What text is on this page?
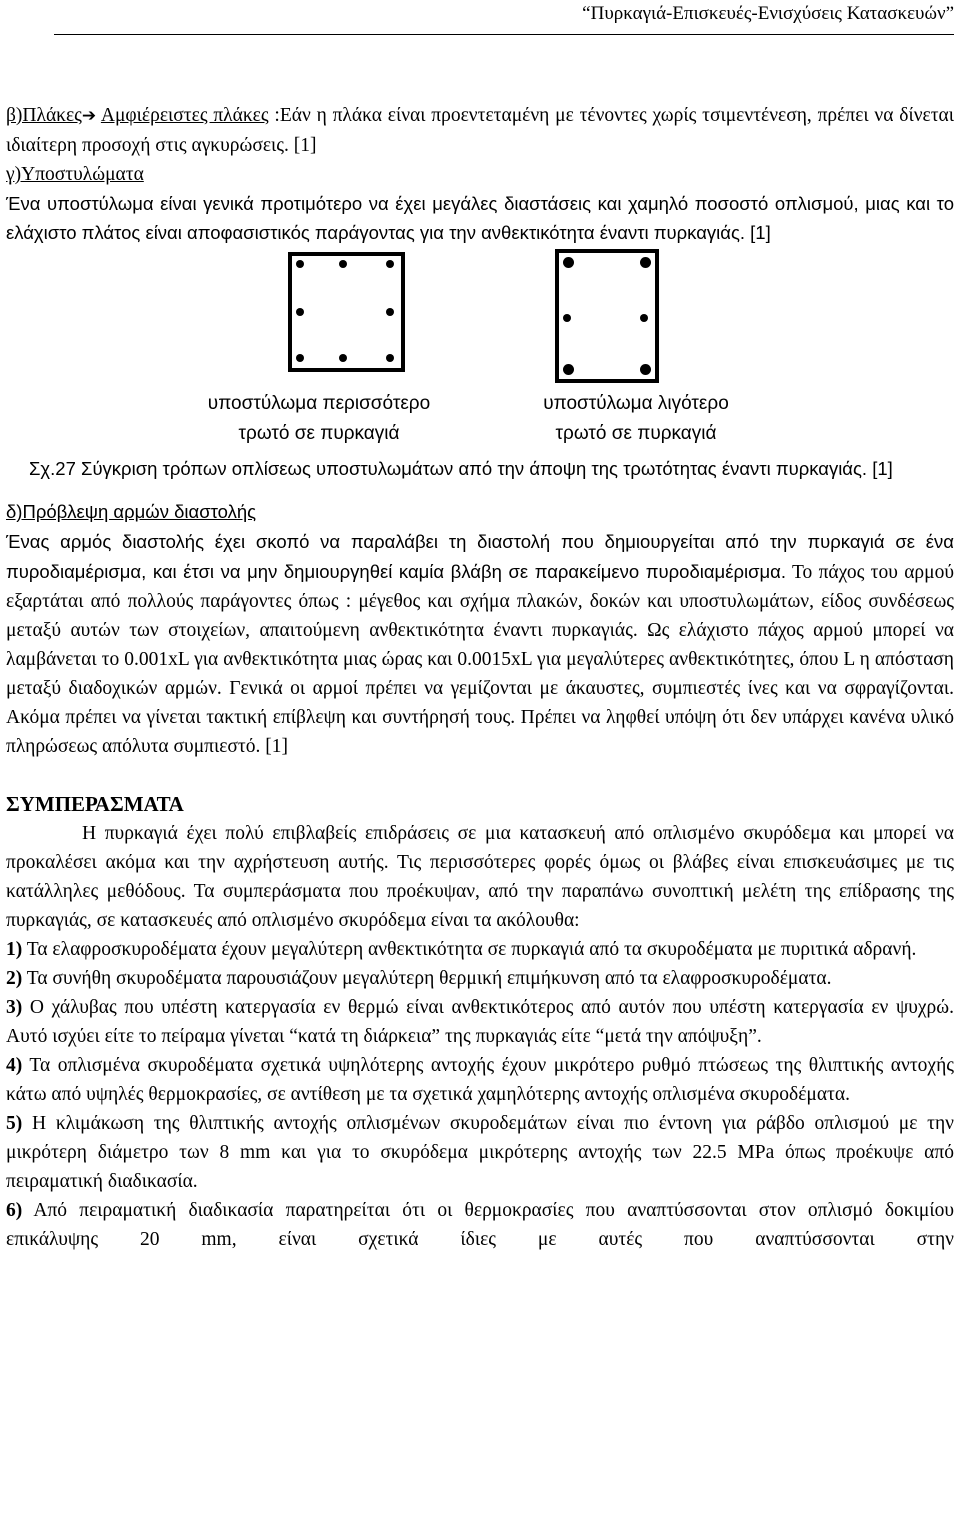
“Πυρκαγιά-Επισκευές-Ενισχύσεις Κατασκευών”

β)Πλάκες➔ Αμφιέρειστες πλάκες :Εάν η πλάκα είναι προεντεταμένη με τένοντες χωρίς τσιμεντένεση, πρέπει να δίνεται ιδιαίτερη προσοχή στις αγκυρώσεις. [1]

γ)Υποστυλώματα

Ένα υποστύλωμα είναι γενικά προτιμότερο να έχει μεγάλες διαστάσεις και χαμηλό ποσοστό οπλισμού, μιας και το ελάχιστο πλάτος είναι αποφασιστικός παράγοντας για την ανθεκτικότητα έναντι πυρκαγιάς. [1]

υποστύλωμα περισσότερο
τρωτό σε πυρκαγιά
υποστύλωμα λιγότερο
τρωτό σε πυρκαγιά

Σχ.27 Σύγκριση τρόπων οπλίσεως υποστυλωμάτων από την άποψη της τρωτότητας έναντι πυρκαγιάς. [1]

δ)Πρόβλεψη αρμών διαστολής

Ένας αρμός διαστολής έχει σκοπό να παραλάβει τη διαστολή που δημιουργείται από την πυρκαγιά σε ένα πυροδιαμέρισμα, και έτσι να μην δημιουργηθεί καμία βλάβη σε παρακείμενο πυροδιαμέρισμα. Το πάχος του αρμού εξαρτάται από πολλούς παράγοντες όπως : μέγεθος και σχήμα πλακών, δοκών και υποστυλωμάτων, είδος συνδέσεως μεταξύ αυτών των στοιχείων, απαιτούμενη ανθεκτικότητα έναντι πυρκαγιάς. Ως ελάχιστο πάχος αρμού μπορεί να λαμβάνεται το 0.001xL για ανθεκτικότητα μιας ώρας και 0.0015xL για μεγαλύτερες ανθεκτικότητες, όπου L η απόσταση μεταξύ διαδοχικών αρμών. Γενικά οι αρμοί πρέπει να γεμίζονται με άκαυστες, συμπιεστές ίνες και να σφραγίζονται. Ακόμα πρέπει να γίνεται τακτική επίβλεψη και συντήρησή τους. Πρέπει να ληφθεί υπόψη ότι δεν υπάρχει κανένα υλικό πληρώσεως απόλυτα συμπιεστό. [1]

ΣΥΜΠΕΡΑΣΜΑΤΑ

Η πυρκαγιά έχει πολύ επιβλαβείς επιδράσεις σε μια κατασκευή από οπλισμένο σκυρόδεμα και μπορεί να προκαλέσει ακόμα και την αχρήστευση αυτής. Τις περισσότερες φορές όμως οι βλάβες είναι επισκευάσιμες με τις κατάλληλες μεθόδους. Τα συμπεράσματα που προέκυψαν, από την παραπάνω συνοπτική μελέτη της επίδρασης της πυρκαγιάς, σε κατασκευές από οπλισμένο σκυρόδεμα είναι τα ακόλουθα:

1) Τα ελαφροσκυροδέματα έχουν μεγαλύτερη ανθεκτικότητα σε πυρκαγιά από τα σκυροδέματα με πυριτικά αδρανή.

2) Τα συνήθη σκυροδέματα παρουσιάζουν μεγαλύτερη θερμική επιμήκυνση από τα ελαφροσκυροδέματα.

3) Ο χάλυβας που υπέστη κατεργασία εν θερμώ είναι ανθεκτικότερος από αυτόν που υπέστη κατεργασία εν ψυχρώ. Αυτό ισχύει είτε το πείραμα γίνεται “κατά τη διάρκεια” της πυρκαγιάς είτε “μετά την απόψυξη”.

4) Τα οπλισμένα σκυροδέματα σχετικά υψηλότερης αντοχής έχουν μικρότερο ρυθμό πτώσεως της θλιπτικής αντοχής κάτω από υψηλές θερμοκρασίες, σε αντίθεση με τα σχετικά χαμηλότερης αντοχής οπλισμένα σκυροδέματα.

5) Η κλιμάκωση της θλιπτικής αντοχής οπλισμένων σκυροδεμάτων είναι πιο έντονη για ράβδο οπλισμού με την μικρότερη διάμετρο των 8 mm και για το σκυρόδεμα μικρότερης αντοχής των 22.5 MPa όπως προέκυψε από πειραματική διαδικασία.

6) Από πειραματική διαδικασία παρατηρείται ότι οι θερμοκρασίες που αναπτύσσονται στον οπλισμό δοκιμίου επικάλυψης 20 mm, είναι σχετικά ίδιες με αυτές που αναπτύσσονται στην
